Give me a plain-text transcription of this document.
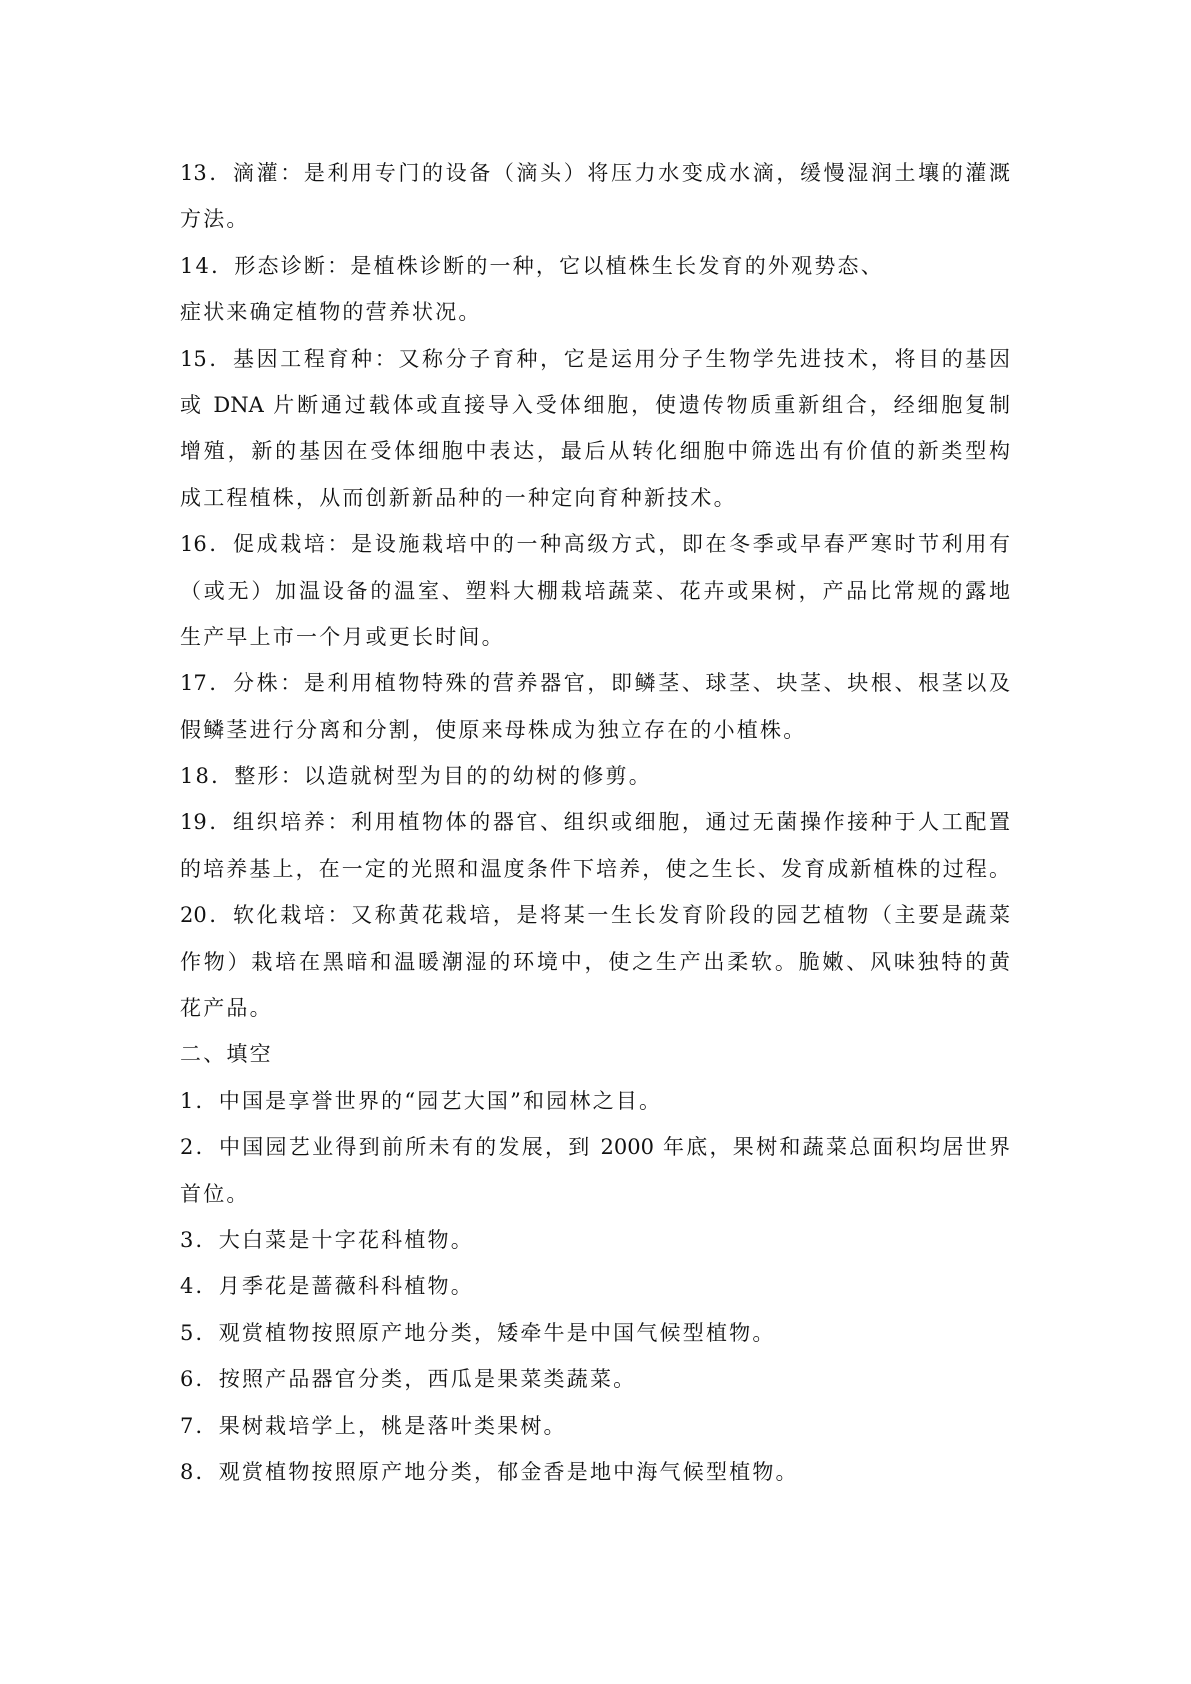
13．滴灌：是利用专门的设备（滴头）将压力水变成水滴，缓慢湿润土壤的灌溉
方法。
14．形态诊断：是植株诊断的一种，它以植株生长发育的外观势态、
症状来确定植物的营养状况。
15．基因工程育种：又称分子育种，它是运用分子生物学先进技术，将目的基因
或 DNA 片断通过载体或直接导入受体细胞，使遗传物质重新组合，经细胞复制
增殖，新的基因在受体细胞中表达，最后从转化细胞中筛选出有价值的新类型构
成工程植株，从而创新新品种的一种定向育种新技术。
16．促成栽培：是设施栽培中的一种高级方式，即在冬季或早春严寒时节利用有
（或无）加温设备的温室、塑料大棚栽培蔬菜、花卉或果树，产品比常规的露地
生产早上市一个月或更长时间。
17．分株：是利用植物特殊的营养器官，即鳞茎、球茎、块茎、块根、根茎以及
假鳞茎进行分离和分割，使原来母株成为独立存在的小植株。
18．整形：以造就树型为目的的幼树的修剪。
19．组织培养：利用植物体的器官、组织或细胞，通过无菌操作接种于人工配置
的培养基上，在一定的光照和温度条件下培养，使之生长、发育成新植株的过程。
20．软化栽培：又称黄花栽培，是将某一生长发育阶段的园艺植物（主要是蔬菜
作物）栽培在黑暗和温暖潮湿的环境中，使之生产出柔软。脆嫩、风味独特的黄
花产品。
二、填空
1．中国是享誉世界的“园艺大国”和园林之目。
2．中国园艺业得到前所未有的发展，到 2000 年底，果树和蔬菜总面积均居世界
首位。
3．大白菜是十字花科植物。
4．月季花是蔷薇科科植物。
5．观赏植物按照原产地分类，矮牵牛是中国气候型植物。
6．按照产品器官分类，西瓜是果菜类蔬菜。
7．果树栽培学上，桃是落叶类果树。
8．观赏植物按照原产地分类，郁金香是地中海气候型植物。
